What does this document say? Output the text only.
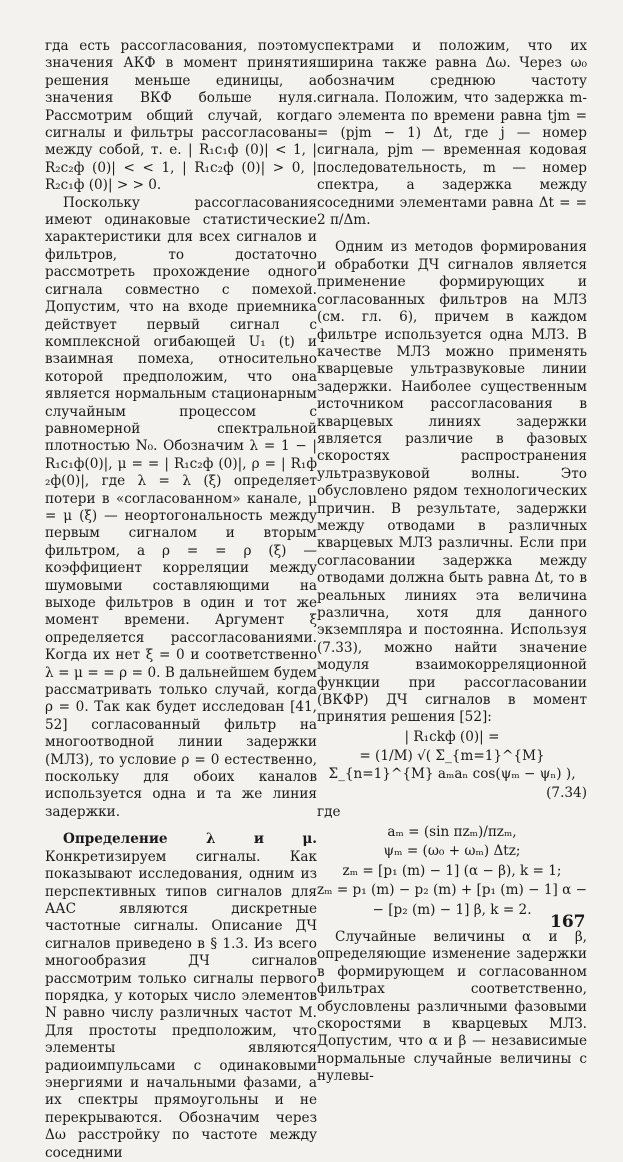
гда есть рассогласования, поэтому значения АКФ в момент принятия решения меньше единицы, а значения ВКФ больше нуля. Рассмотрим общий случай, когда сигналы и фильтры рассогласованы между собой, т. е. | R₁c₁ф (0)| < 1, | R₂c₂ф (0)| < < 1, | R₁c₂ф (0)| > 0, | R₂c₁ф (0)| > > 0.

Поскольку рассогласования имеют одинаковые статистические характеристики для всех сигналов и фильтров, то достаточно рассмотреть прохождение одного сигнала совместно с помехой. Допустим, что на входе приемника действует первый сигнал с комплексной огибающей U₁ (t) и взаимная помеха, относительно которой предположим, что она является нормальным стационарным случайным процессом с равномерной спектральной плотностью N₀. Обозначим λ = 1 − | R₁c₁ф(0)|, μ = = | R₁c₂ф (0)|, ρ = | R₁ф ₂ф(0)|, где λ = λ (ξ) определяет потери в «согласованном» канале, μ = μ (ξ) — неортогональность между первым сигналом и вторым фильтром, а ρ = = ρ (ξ) — коэффициент корреляции между шумовыми составляющими на выходе фильтров в один и тот же момент времени. Аргумент ξ определяется рассогласованиями. Когда их нет ξ = 0 и соответственно λ = μ = = ρ = 0. В дальнейшем будем рассматривать только случай, когда ρ = 0. Так как будет исследован [41, 52] согласованный фильтр на многоотводной линии задержки (МЛЗ), то условие ρ = 0 естественно, поскольку для обоих каналов используется одна и та же линия задержки.

Определение λ и μ. Конкретизируем сигналы. Как показывают исследования, одним из перспективных типов сигналов для ААС являются дискретные частотные сигналы. Описание ДЧ сигналов приведено в § 1.3. Из всего многообразия ДЧ сигналов рассмотрим только сигналы первого порядка, у которых число элементов N равно числу различных частот M. Для простоты предположим, что элементы являются радиоимпульсами с одинаковыми энергиями и начальными фазами, а их спектры прямоугольны и не перекрываются. Обозначим через Δω расстройку по частоте между соседними

спектрами и положим, что их ширина также равна Δω. Через ω₀ обозначим среднюю частоту сигнала. Положим, что задержка m-го элемента по времени равна tjm = = (pjm − 1) Δt, где j — номер сигнала, pjm — временная кодовая последовательность, m — номер спектра, а задержка между соседними элементами равна Δt = = 2 π/Δm.

Одним из методов формирования и обработки ДЧ сигналов является применение формирующих и согласованных фильтров на МЛЗ (см. гл. 6), причем в каждом фильтре используется одна МЛЗ. В качестве МЛЗ можно применять кварцевые ультразвуковые линии задержки. Наиболее существенным источником рассогласования в кварцевых линиях задержки является различие в фазовых скоростях распространения ультразвуковой волны. Это обусловлено рядом технологических причин. В результате, задержки между отводами в различных кварцевых МЛЗ различны. Если при согласовании задержка между отводами должна быть равна Δt, то в реальных линиях эта величина различна, хотя для данного экземпляра и постоянна. Используя (7.33), можно найти значение модуля взаимокорреляционной функции при рассогласовании (ВКФР) ДЧ сигналов в момент принятия решения [52]:

| R₁ckф (0)| =
= (1/M) √( Σ_{m=1}^{M} Σ_{n=1}^{M} aₘaₙ cos(ψₘ − ψₙ) ),
(7.34)
где
aₘ = (sin πzₘ)/πzₘ,
ψₘ = (ω₀ + ωₘ) Δtz;
zₘ = [p₁ (m) − 1] (α − β), k = 1;
zₘ = p₁ (m) − p₂ (m) + [p₁ (m) − 1] α −
− [p₂ (m) − 1] β, k = 2.

Случайные величины α и β, определяющие изменение задержки в формирующем и согласованном фильтрах соответственно, обусловлены различными фазовыми скоростями в кварцевых МЛЗ. Допустим, что α и β — независимые нормальные случайные величины с нулевы-

167
